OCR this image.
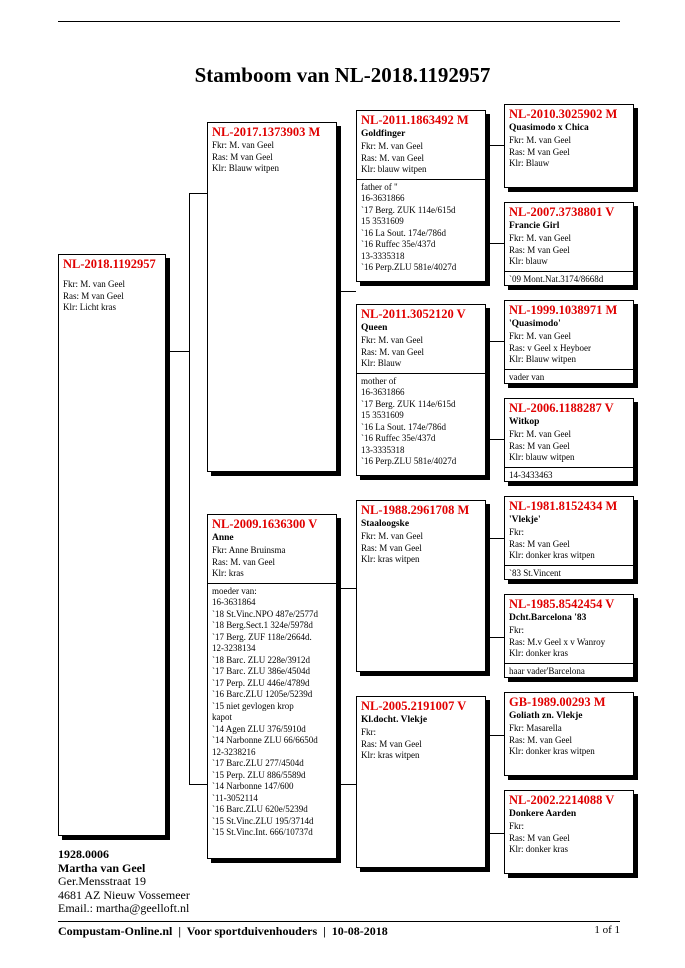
Stamboom van NL-2018.1192957
NL-2018.1192957
Fkr: M. van Geel
Ras: M van Geel
Klr: Licht kras
NL-2017.1373903 M
Fkr: M. van Geel
Ras: M van Geel
Klr: Blauw witpen
NL-2009.1636300 V
Anne
Fkr: Anne Bruinsma
Ras: M. van Geel
Klr: kras
moeder van:
16-3631864
`18 St.Vinc.NPO 487e/2577d
`18 Berg.Sect.1 324e/5978d
`17 Berg. ZUF 118e/2664d.
12-3238134
`18 Barc. ZLU 228e/3912d
`17 Barc. ZLU 386e/4504d
`17 Perp. ZLU 446e/4789d
`16 Barc.ZLU 1205e/5239d
`15 niet gevlogen krop
kapot
`14 Agen ZLU 376/5910d
`14 Narbonne ZLU 66/6650d
12-3238216
`17 Barc.ZLU 277/4504d
`15 Perp. ZLU 886/5589d
`14 Narbonne 147/600
`11-3052114
`16 Barc.ZLU 620e/5239d
`15 St.Vinc.ZLU 195/3714d
`15 St.Vinc.Int. 666/10737d
NL-2011.1863492 M
Goldfinger
Fkr: M. van Geel
Ras: M. van Geel
Klr: blauw witpen
father of "
16-3631866
`17 Berg. ZUK 114e/615d
15 3531609
`16 La Sout. 174e/786d
`16 Ruffec 35e/437d
13-3335318
`16 Perp.ZLU 581e/4027d
NL-2011.3052120 V
Queen
Fkr: M. van Geel
Ras: M. van Geel
Klr: Blauw
mother of
16-3631866
`17 Berg. ZUK 114e/615d
15 3531609
`16 La Sout. 174e/786d
`16 Ruffec 35e/437d
13-3335318
`16 Perp.ZLU 581e/4027d
NL-1988.2961708 M
Staaloogske
Fkr: M. van Geel
Ras: M van Geel
Klr: kras witpen
NL-2005.2191007 V
Kl.docht. Vlekje
Fkr:
Ras: M van Geel
Klr: kras witpen
NL-2010.3025902 M
Quasimodo x Chica
Fkr: M. van Geel
Ras: M van Geel
Klr: Blauw
NL-2007.3738801 V
Francie Girl
Fkr: M. van Geel
Ras: M van Geel
Klr: blauw
`09 Mont.Nat.3174/8668d
NL-1999.1038971 M
'Quasimodo'
Fkr: M. van Geel
Ras: v Geel x Heyboer
Klr: Blauw witpen
vader van
NL-2006.1188287 V
Witkop
Fkr: M. van Geel
Ras: M van Geel
Klr: blauw witpen
14-3433463
NL-1981.8152434 M
'Vlekje'
Fkr:
Ras: M van Geel
Klr: donker kras witpen
`83 St.Vincent
NL-1985.8542454 V
Dcht.Barcelona '83
Fkr:
Ras: M.v Geel x v Wanroy
Klr: donker kras
haar vader'Barcelona
GB-1989.00293 M
Goliath zn. Vlekje
Fkr: Masarella
Ras: M. van Geel
Klr: donker kras witpen
NL-2002.2214088 V
Donkere Aarden
Fkr:
Ras: M van Geel
Klr: donker kras
1928.0006
Martha van Geel
Ger.Mensstraat 19
4681 AZ Nieuw Vossemeer
Email.: martha@geelloft.nl
Compustam-Online.nl  |  Voor sportduivenhouders  |  10-08-2018	1 of 1
